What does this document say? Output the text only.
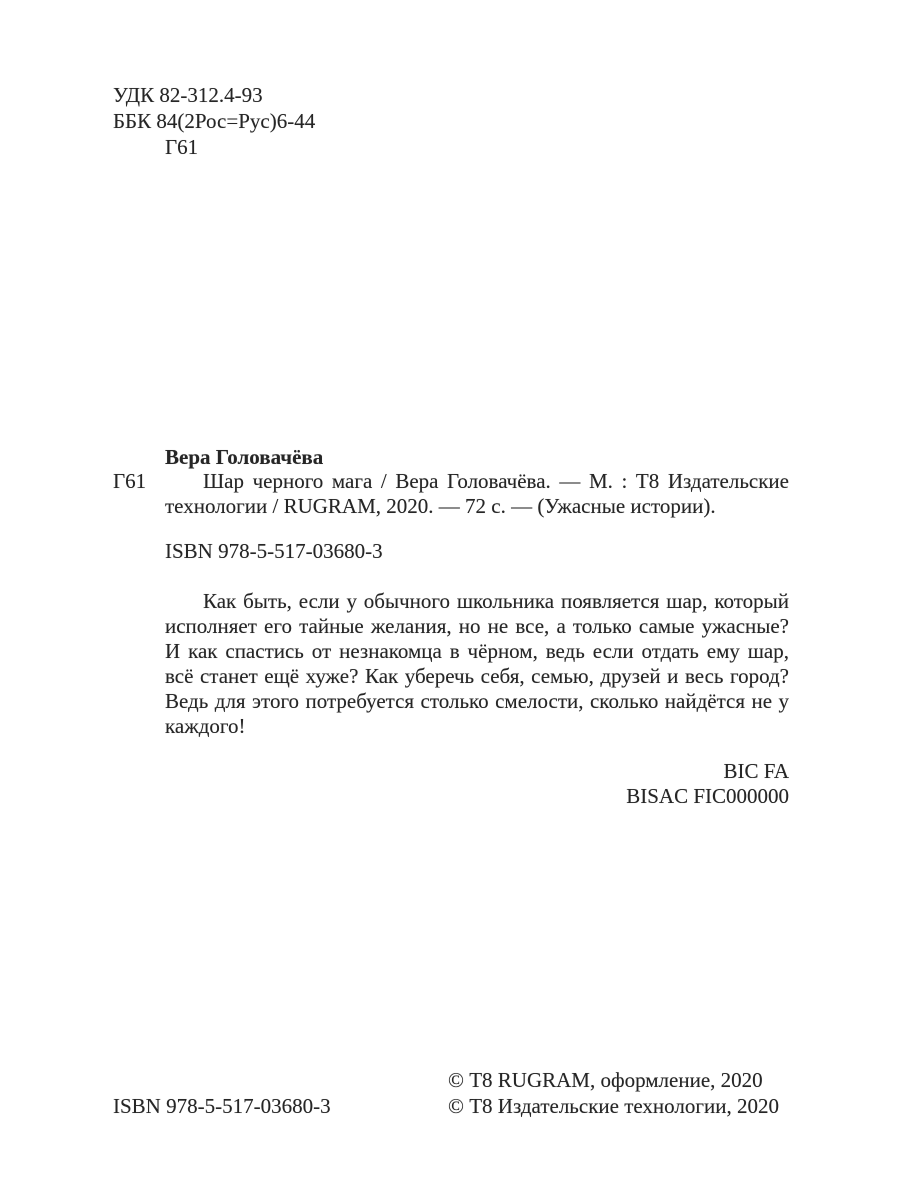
УДК 82-312.4-93
ББК 84(2Рос=Рус)6-44
Г61
Вера Головачёва
Г61	Шар черного мага / Вера Головачёва. — М. : Т8 Издательские технологии / RUGRAM, 2020. — 72 с. — (Ужасные истории).
ISBN 978-5-517-03680-3
Как быть, если у обычного школьника появляется шар, который исполняет его тайные желания, но не все, а только самые ужасные? И как спастись от незнакомца в чёрном, ведь если отдать ему шар, всё станет ещё хуже? Как уберечь себя, семью, друзей и весь город? Ведь для этого потребуется столько смелости, сколько найдётся не у каждого!
BIC FA
BISAC FIC000000
ISBN 978-5-517-03680-3
© Т8 RUGRAM, оформление, 2020
© Т8 Издательские технологии, 2020
